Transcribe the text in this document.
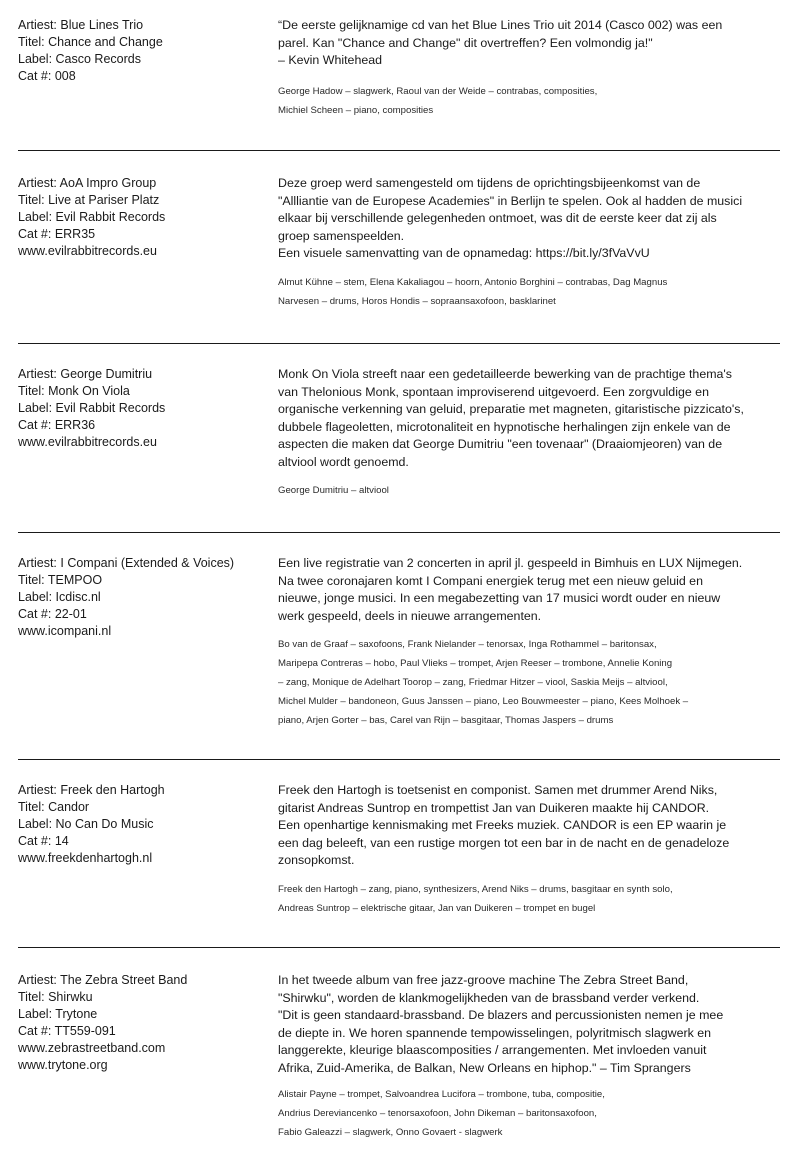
Artiest: Blue Lines Trio
Titel: Chance and Change
Label: Casco Records
Cat #: 008

“De eerste gelijknamige cd van het Blue Lines Trio uit 2014 (Casco 002) was een
parel. Kan "Chance and Change" dit overtreffen? Een volmondig ja!"
– Kevin Whitehead

George Hadow – slagwerk, Raoul van der Weide – contrabas, composities,
Michiel Scheen – piano, composities

Artiest: AoA Impro Group
Titel: Live at Pariser Platz
Label: Evil Rabbit Records
Cat #: ERR35
www.evilrabbitrecords.eu

Deze groep werd samengesteld om tijdens de oprichtingsbijeenkomst van de
"Allliantie van de Europese Academies" in Berlijn te spelen. Ook al hadden de musici
elkaar bij verschillende gelegenheden ontmoet, was dit de eerste keer dat zij als
groep samenspeelden.
Een visuele samenvatting van de opnamedag: https://bit.ly/3fVaVvU

Almut Kühne – stem, Elena Kakaliagou – hoorn, Antonio Borghini – contrabas, Dag Magnus
Narvesen – drums, Horos Hondis – sopraansaxofoon, basklarinet

Artiest: George Dumitriu
Titel: Monk On Viola
Label: Evil Rabbit Records
Cat #: ERR36
www.evilrabbitrecords.eu

Monk On Viola streeft naar een gedetailleerde bewerking van de prachtige thema's
van Thelonious Monk, spontaan improviserend uitgevoerd. Een zorgvuldige en
organische verkenning van geluid, preparatie met magneten, gitaristische pizzicato's,
dubbele flageoletten, microtonaliteit en hypnotische herhalingen zijn enkele van de
aspecten die maken dat George Dumitriu "een tovenaar" (Draaiomjeoren) van de
altviool wordt genoemd.

George Dumitriu – altviool

Artiest: I Compani (Extended & Voices)
Titel: TEMPOO
Label: Icdisc.nl
Cat #: 22-01
www.icompani.nl

Een live registratie van 2 concerten in april jl. gespeeld in Bimhuis en LUX Nijmegen.
Na twee coronajaren komt I Compani energiek terug met een nieuw geluid en
nieuwe, jonge musici. In een megabezetting van 17 musici wordt ouder en nieuw
werk gespeeld, deels in nieuwe arrangementen.

Bo van de Graaf – saxofoons, Frank Nielander – tenorsax, Inga Rothammel – baritonsax,
Maripepa Contreras – hobo, Paul Vlieks – trompet, Arjen Reeser – trombone, Annelie Koning
– zang, Monique de Adelhart Toorop – zang, Friedmar Hitzer – viool, Saskia Meijs – altviool,
Michel Mulder – bandoneon, Guus Janssen – piano, Leo Bouwmeester – piano, Kees Molhoek –
piano, Arjen Gorter – bas, Carel van Rijn – basgitaar, Thomas Jaspers – drums

Artiest: Freek den Hartogh
Titel: Candor
Label: No Can Do Music
Cat #: 14
www.freekdenhartogh.nl

Freek den Hartogh is toetsenist en componist. Samen met drummer Arend Niks,
gitarist Andreas Suntrop en trompettist Jan van Duikeren maakte hij CANDOR.
Een openhartige kennismaking met Freeks muziek. CANDOR is een EP waarin je
een dag beleeft, van een rustige morgen tot een bar in de nacht en de genadeloze
zonsopkomst.

Freek den Hartogh – zang, piano, synthesizers, Arend Niks – drums, basgitaar en synth solo,
Andreas Suntrop – elektrische gitaar, Jan van Duikeren – trompet en bugel

Artiest: The Zebra Street Band
Titel: Shirwku
Label: Trytone
Cat #: TT559-091
www.zebrastreetband.com
www.trytone.org

In het tweede album van free jazz-groove machine The Zebra Street Band,
"Shirwku", worden de klankmogelijkheden van de brassband verder verkend.
"Dit is geen standaard-brassband. De blazers and percussionisten nemen je mee
de diepte in. We horen spannende tempowisselingen, polyritmisch slagwerk en
langgerekte, kleurige blaascomposities / arrangementen. Met invloeden vanuit
Afrika, Zuid-Amerika, de Balkan, New Orleans en hiphop." – Tim Sprangers

Alistair Payne – trompet, Salvoandrea Lucifora – trombone, tuba, compositie,
Andrius Dereviancenko – tenorsaxofoon, John Dikeman – baritonsaxofoon,
Fabio Galeazzi – slagwerk, Onno Govaert - slagwerk
